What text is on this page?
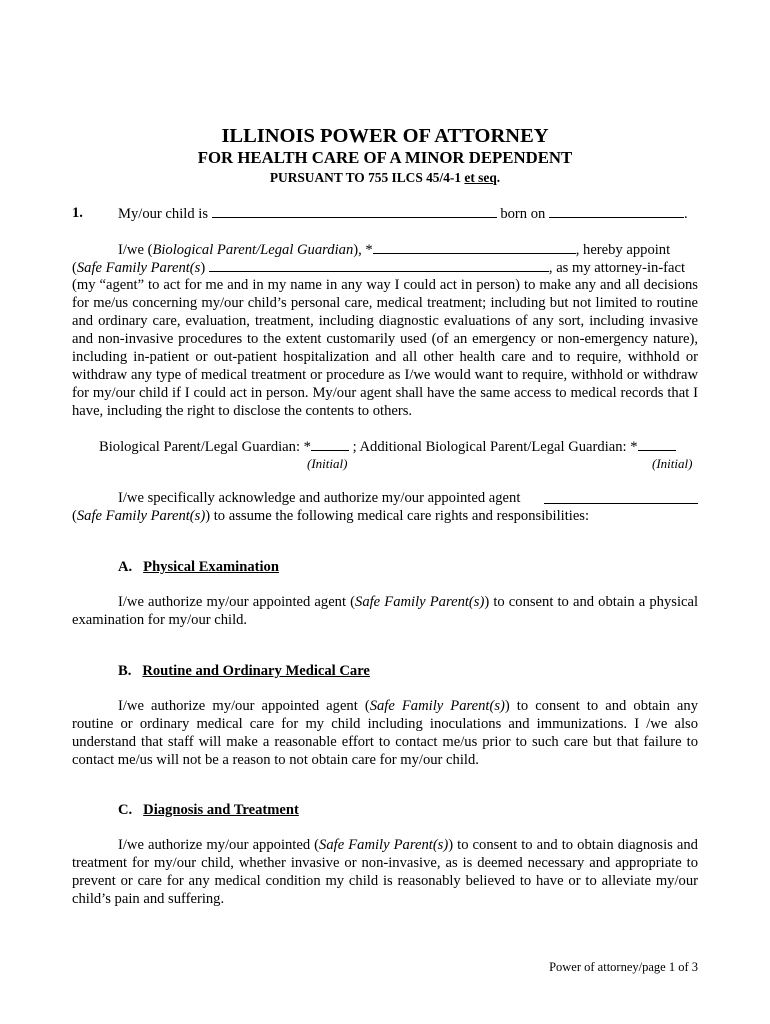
ILLINOIS POWER OF ATTORNEY
FOR HEALTH CARE OF A MINOR DEPENDENT
PURSUANT TO 755 ILCS 45/4-1 et seq.
1. My/our child is	born on	.
I/we (Biological Parent/Legal Guardian), *	, hereby appoint
(Safe Family Parent(s)	, as my attorney-in-fact
(my “agent” to act for me and in my name in any way I could act in person) to make any and all decisions for me/us concerning my/our child’s personal care, medical treatment; including but not limited to routine and ordinary care, evaluation, treatment, including diagnostic evaluations of any sort, including invasive and non-invasive procedures to the extent customarily used (of an emergency or non-emergency nature), including in-patient or out-patient hospitalization and all other health care and to require, withhold or withdraw any type of medical treatment or procedure as I/we would want to require, withhold or withdraw for my/our child if I could act in person. My/our agent shall have the same access to medical records that I have, including the right to disclose the contents to others.
Biological Parent/Legal Guardian: *	; Additional Biological Parent/Legal Guardian: *
(Initial)	(Initial)
I/we specifically acknowledge and authorize my/our appointed agent
(Safe Family Parent(s)) to assume the following medical care rights and responsibilities:
A. Physical Examination
I/we authorize my/our appointed agent (Safe Family Parent(s)) to consent to and obtain a physical examination for my/our child.
B. Routine and Ordinary Medical Care
I/we authorize my/our appointed agent (Safe Family Parent(s)) to consent to and obtain any routine or ordinary medical care for my child including inoculations and immunizations. I /we also understand that staff will make a reasonable effort to contact me/us prior to such care but that failure to contact me/us will not be a reason to not obtain care for my/our child.
C. Diagnosis and Treatment
I/we authorize my/our appointed (Safe Family Parent(s)) to consent to and to obtain diagnosis and treatment for my/our child, whether invasive or non-invasive, as is deemed necessary and appropriate to prevent or care for any medical condition my child is reasonably believed to have or to alleviate my/our child’s pain and suffering.
Power of attorney/page 1 of 3
